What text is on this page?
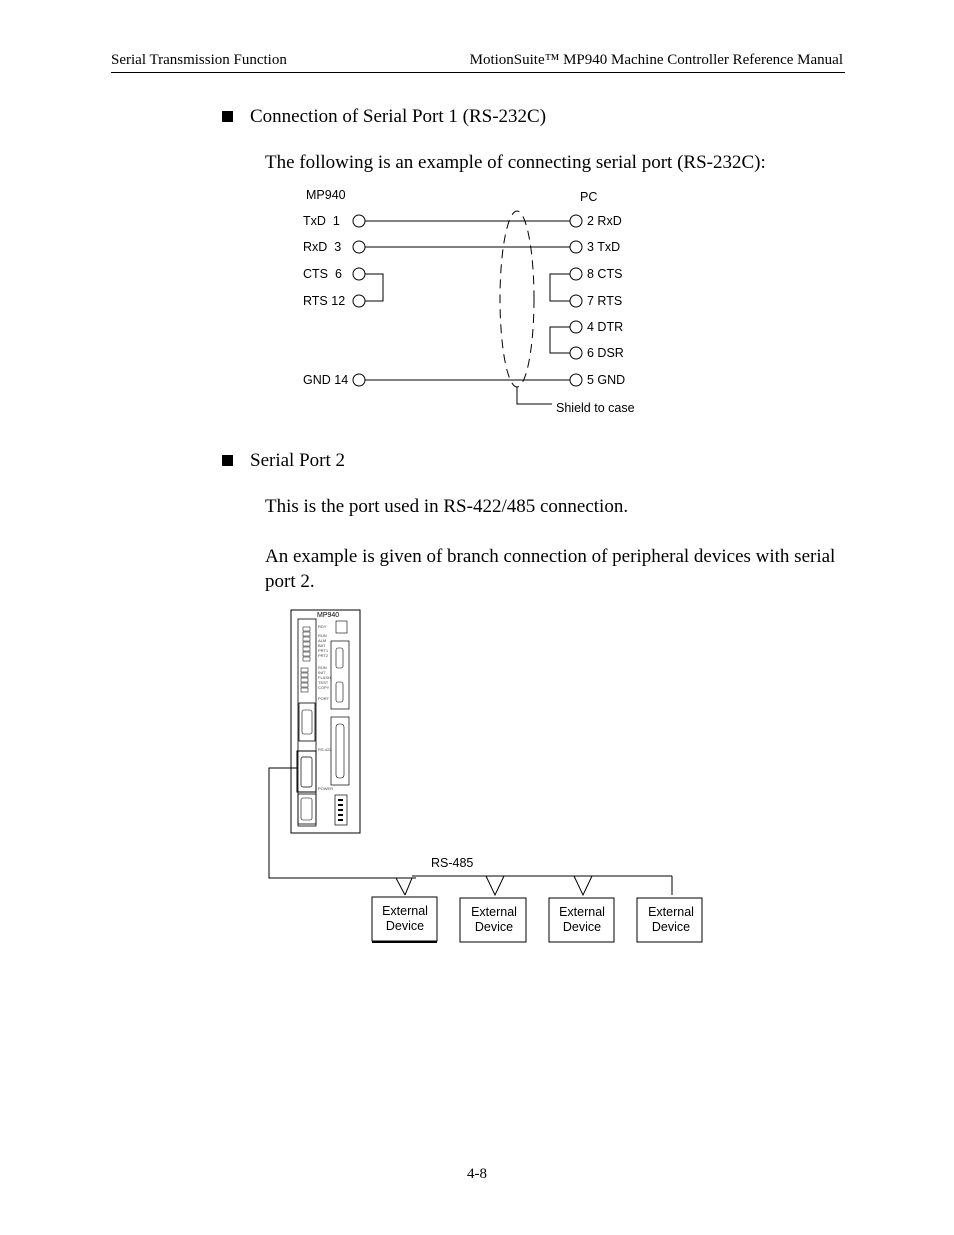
Serial Transmission Function	MotionSuite™ MP940 Machine Controller Reference Manual
Connection of Serial Port 1 (RS-232C)
The following is an example of connecting serial port (RS-232C):
MP940	PC
TxD  1
RxD  3
CTS  6
RTS 12
GND 14
2 RxD
3 TxD
8 CTS
7 RTS
4 DTR
6 DSR
5 GND
Shield to case
Serial Port 2
This is the port used in RS-422/485 connection.
An example is given of branch connection of peripheral devices with serial port 2.
MP940
RDY
RUN
ALM
BAT
PRT1
PRT2
RUN
INIT
FLASH
TEST
COPY
PORT
RS-422
POWER
RS-485
External
Device
External
Device
External
Device
External
Device
4-8
